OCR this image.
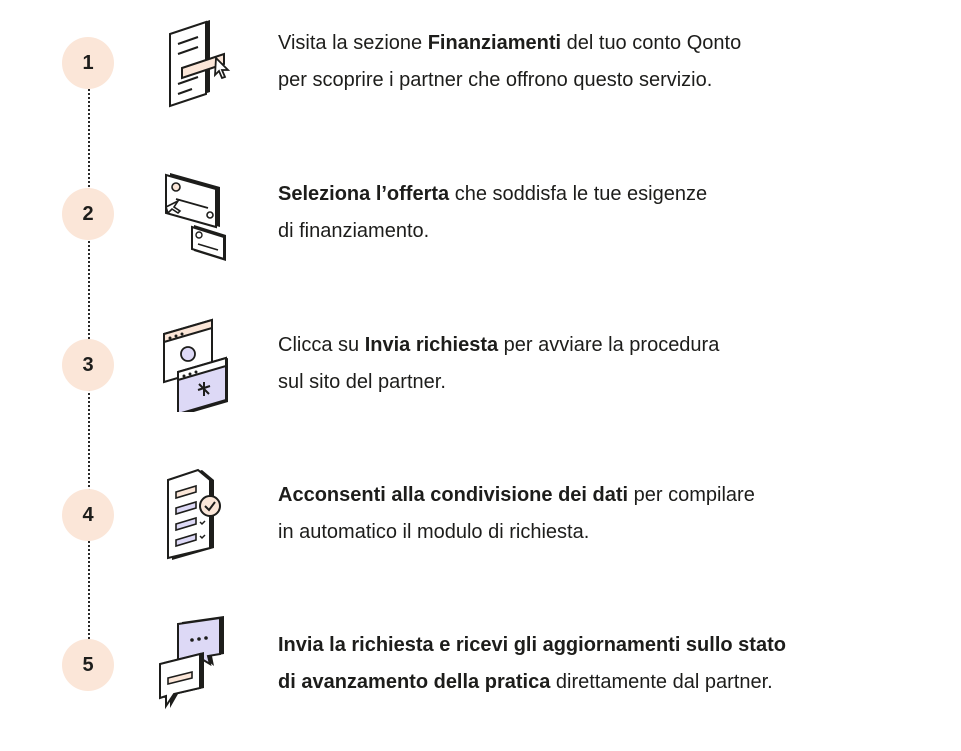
1
Visita la sezione Finanziamenti del tuo conto Qonto
per scoprire i partner che offrono questo servizio.
2
Seleziona l’offerta che soddisfa le tue esigenze
di finanziamento.
3
Clicca su Invia richiesta per avviare la procedura
sul sito del partner.
4
Acconsenti alla condivisione dei dati per compilare
in automatico il modulo di richiesta.
5
Invia la richiesta e ricevi gli aggiornamenti sullo stato
di avanzamento della pratica direttamente dal partner.
